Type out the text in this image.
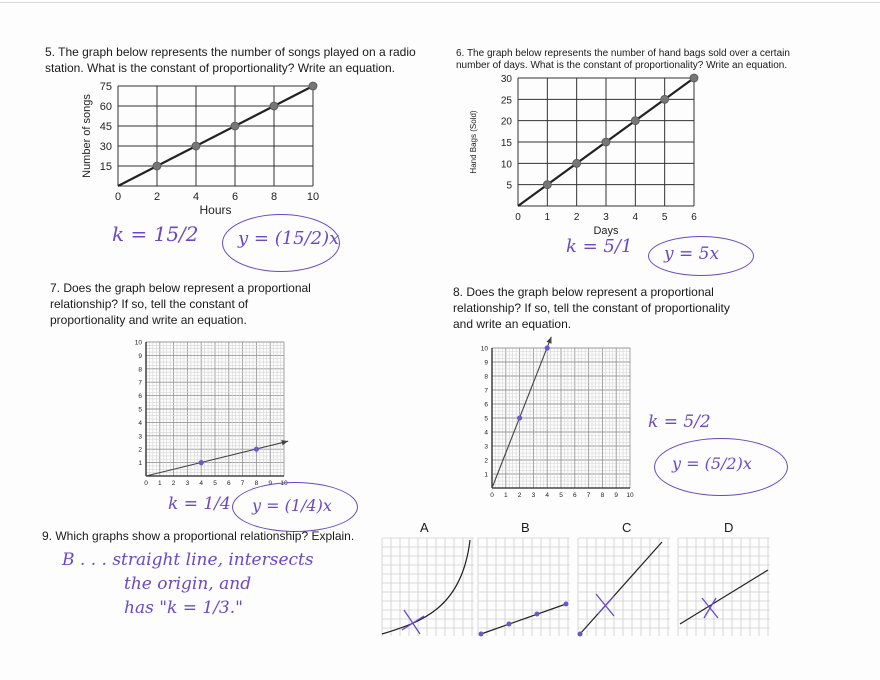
5. The graph below represents the number of songs played on a radio
station. What is the constant of proportionality? Write an equation.

0	2	4	6	8	10
15
30
45
60
75
Hours
Number of songs
k = 15/2 y = (15/2)x

6. The graph below represents the number of hand bags sold over a certain
number of days. What is the constant of proportionality? Write an equation.

0 1 2 3 4 5 6
5
10
15
20
25
30
Days
Hand Bags (Sold)
k = 5/1 y = 5x

7. Does the graph below represent a proportional
relationship? If so, tell the constant of
proportionality and write an equation.

0 1 2 3 4 5 6 7 8 9 10
1
2
3
4
5
6
7
8
9
10
k = 1/4 y = (1/4)x

8. Does the graph below represent a proportional
relationship? If so, tell the constant of proportionality
and write an equation.

0 1 2 3 4 5 6 7 8 9 10
1
2
3
4
5
6
7
8
9
10
k = 5/2
y = (5/2)x

9. Which graphs show a proportional relationship? Explain.

B . . . straight line, intersects
the origin, and
has "k = 1/3."
A	B	C	D
